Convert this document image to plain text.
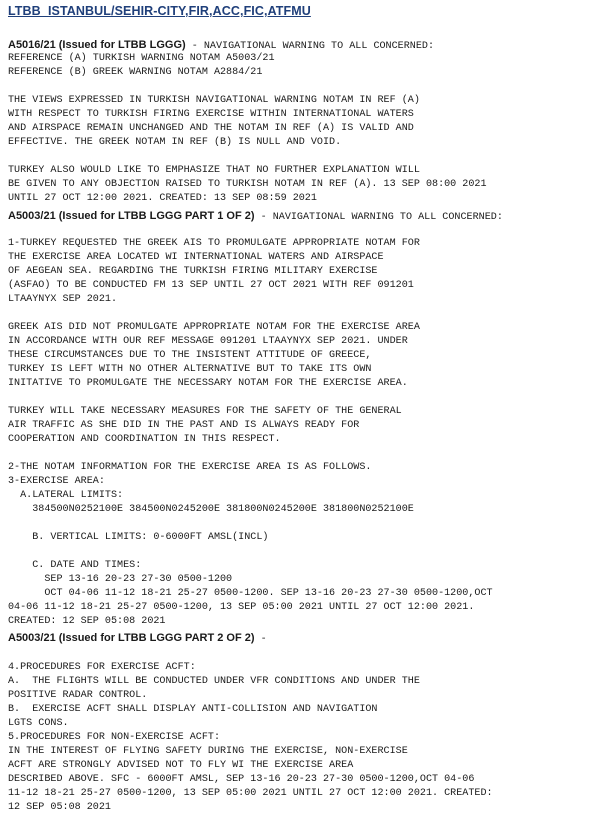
LTBB  ISTANBUL/SEHIR-CITY,FIR,ACC,FIC,ATFMU
A5016/21 (Issued for LTBB LGGG) - NAVIGATIONAL WARNING TO ALL CONCERNED:
REFERENCE (A) TURKISH WARNING NOTAM A5003/21
REFERENCE (B) GREEK WARNING NOTAM A2884/21
THE VIEWS EXPRESSED IN TURKISH NAVIGATIONAL WARNING NOTAM IN REF (A)
WITH RESPECT TO TURKISH FIRING EXERCISE WITHIN INTERNATIONAL WATERS
AND AIRSPACE REMAIN UNCHANGED AND THE NOTAM IN REF (A) IS VALID AND
EFFECTIVE. THE GREEK NOTAM IN REF (B) IS NULL AND VOID.
TURKEY ALSO WOULD LIKE TO EMPHASIZE THAT NO FURTHER EXPLANATION WILL
BE GIVEN TO ANY OBJECTION RAISED TO TURKISH NOTAM IN REF (A). 13 SEP 08:00 2021
UNTIL 27 OCT 12:00 2021. CREATED: 13 SEP 08:59 2021
A5003/21 (Issued for LTBB LGGG PART 1 OF 2) - NAVIGATIONAL WARNING TO ALL CONCERNED:
1-TURKEY REQUESTED THE GREEK AIS TO PROMULGATE APPROPRIATE NOTAM FOR
THE EXERCISE AREA LOCATED WI INTERNATIONAL WATERS AND AIRSPACE
OF AEGEAN SEA. REGARDING THE TURKISH FIRING MILITARY EXERCISE
(ASFAO) TO BE CONDUCTED FM 13 SEP UNTIL 27 OCT 2021 WITH REF 091201
LTAAYNYX SEP 2021.
GREEK AIS DID NOT PROMULGATE APPROPRIATE NOTAM FOR THE EXERCISE AREA
IN ACCORDANCE WITH OUR REF MESSAGE 091201 LTAAYNYX SEP 2021. UNDER
THESE CIRCUMSTANCES DUE TO THE INSISTENT ATTITUDE OF GREECE,
TURKEY IS LEFT WITH NO OTHER ALTERNATIVE BUT TO TAKE ITS OWN
INITATIVE TO PROMULGATE THE NECESSARY NOTAM FOR THE EXERCISE AREA.
TURKEY WILL TAKE NECESSARY MEASURES FOR THE SAFETY OF THE GENERAL
AIR TRAFFIC AS SHE DID IN THE PAST AND IS ALWAYS READY FOR
COOPERATION AND COORDINATION IN THIS RESPECT.
2-THE NOTAM INFORMATION FOR THE EXERCISE AREA IS AS FOLLOWS.
3-EXERCISE AREA:
A.LATERAL LIMITS:
384500N0252100E 384500N0245200E 381800N0245200E 381800N0252100E
B. VERTICAL LIMITS: 0-6000FT AMSL(INCL)
C. DATE AND TIMES:
SEP 13-16 20-23 27-30 0500-1200
OCT 04-06 11-12 18-21 25-27 0500-1200. SEP 13-16 20-23 27-30 0500-1200,OCT
04-06 11-12 18-21 25-27 0500-1200, 13 SEP 05:00 2021 UNTIL 27 OCT 12:00 2021.
CREATED: 12 SEP 05:08 2021
A5003/21 (Issued for LTBB LGGG PART 2 OF 2) -
4.PROCEDURES FOR EXERCISE ACFT:
A.  THE FLIGHTS WILL BE CONDUCTED UNDER VFR CONDITIONS AND UNDER THE
POSITIVE RADAR CONTROL.
B.  EXERCISE ACFT SHALL DISPLAY ANTI-COLLISION AND NAVIGATION
LGTS CONS.
5.PROCEDURES FOR NON-EXERCISE ACFT:
IN THE INTEREST OF FLYING SAFETY DURING THE EXERCISE, NON-EXERCISE
ACFT ARE STRONGLY ADVISED NOT TO FLY WI THE EXERCISE AREA
DESCRIBED ABOVE. SFC - 6000FT AMSL, SEP 13-16 20-23 27-30 0500-1200,OCT 04-06
11-12 18-21 25-27 0500-1200, 13 SEP 05:00 2021 UNTIL 27 OCT 12:00 2021. CREATED:
12 SEP 05:08 2021
